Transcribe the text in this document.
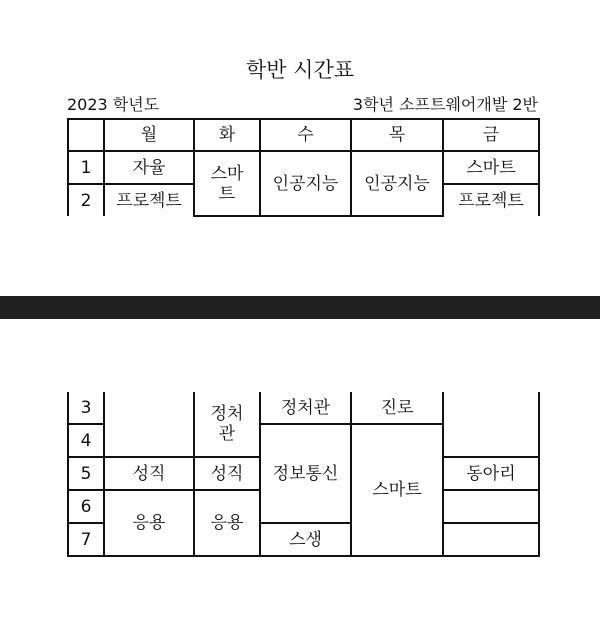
학반 시간표
2023 학년도	3학년 소프트웨어개발 2반
	월	화	수	목	금
1	자율	스마트	인공지능	인공지능	스마트
2	프로젝트				프로젝트
3		정처관	정처관	진로	
4			정보통신	스마트	
5	성직	성직			동아리
6	응용	응용			
7			스생		
